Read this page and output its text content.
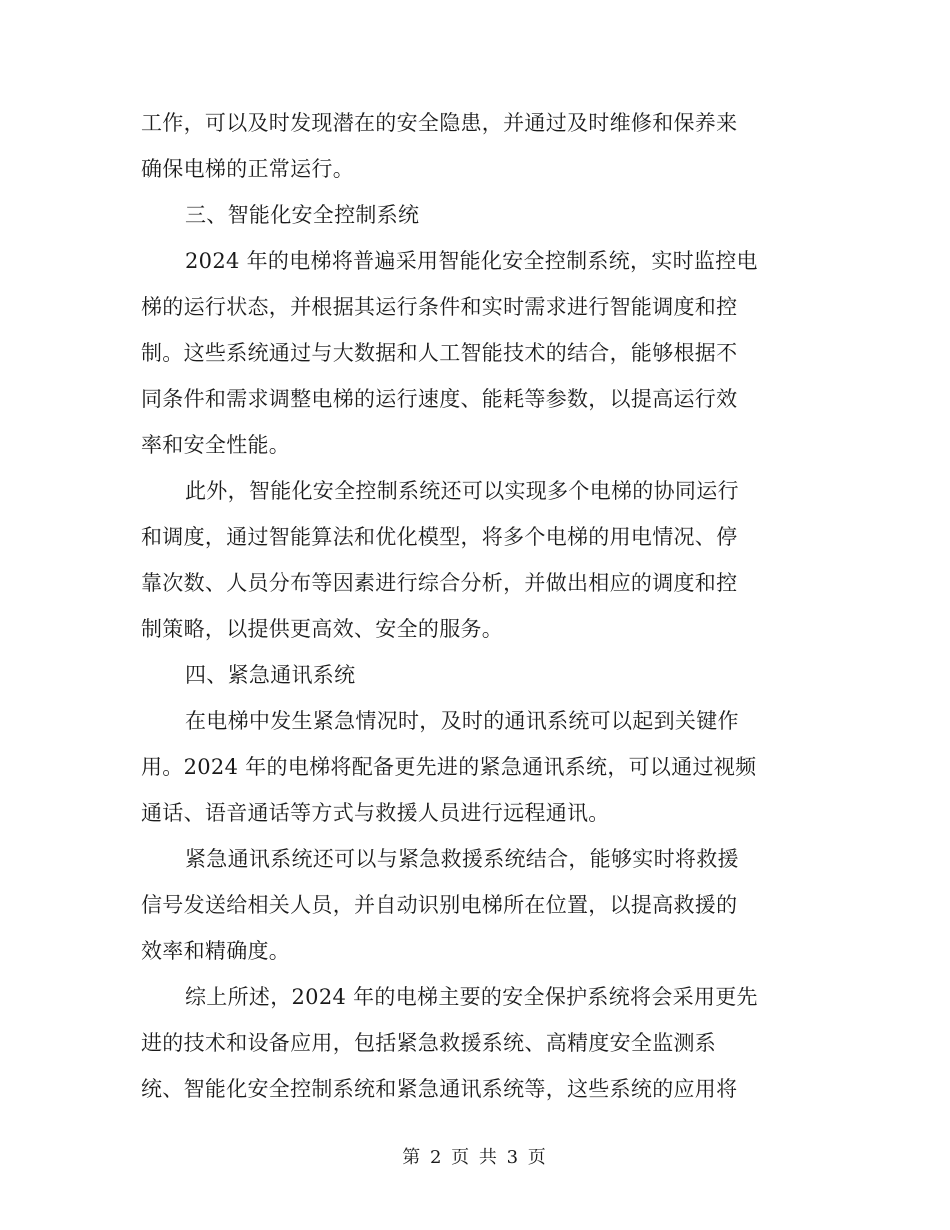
工作，可以及时发现潜在的安全隐患，并通过及时维修和保养来
确保电梯的正常运行。
三、智能化安全控制系统
2024 年的电梯将普遍采用智能化安全控制系统，实时监控电
梯的运行状态，并根据其运行条件和实时需求进行智能调度和控
制。这些系统通过与大数据和人工智能技术的结合，能够根据不
同条件和需求调整电梯的运行速度、能耗等参数，以提高运行效
率和安全性能。
此外，智能化安全控制系统还可以实现多个电梯的协同运行
和调度，通过智能算法和优化模型，将多个电梯的用电情况、停
靠次数、人员分布等因素进行综合分析，并做出相应的调度和控
制策略，以提供更高效、安全的服务。
四、紧急通讯系统
在电梯中发生紧急情况时，及时的通讯系统可以起到关键作
用。2024 年的电梯将配备更先进的紧急通讯系统，可以通过视频
通话、语音通话等方式与救援人员进行远程通讯。
紧急通讯系统还可以与紧急救援系统结合，能够实时将救援
信号发送给相关人员，并自动识别电梯所在位置，以提高救援的
效率和精确度。
综上所述，2024 年的电梯主要的安全保护系统将会采用更先
进的技术和设备应用，包括紧急救援系统、高精度安全监测系
统、智能化安全控制系统和紧急通讯系统等，这些系统的应用将
第 2 页 共 3 页
